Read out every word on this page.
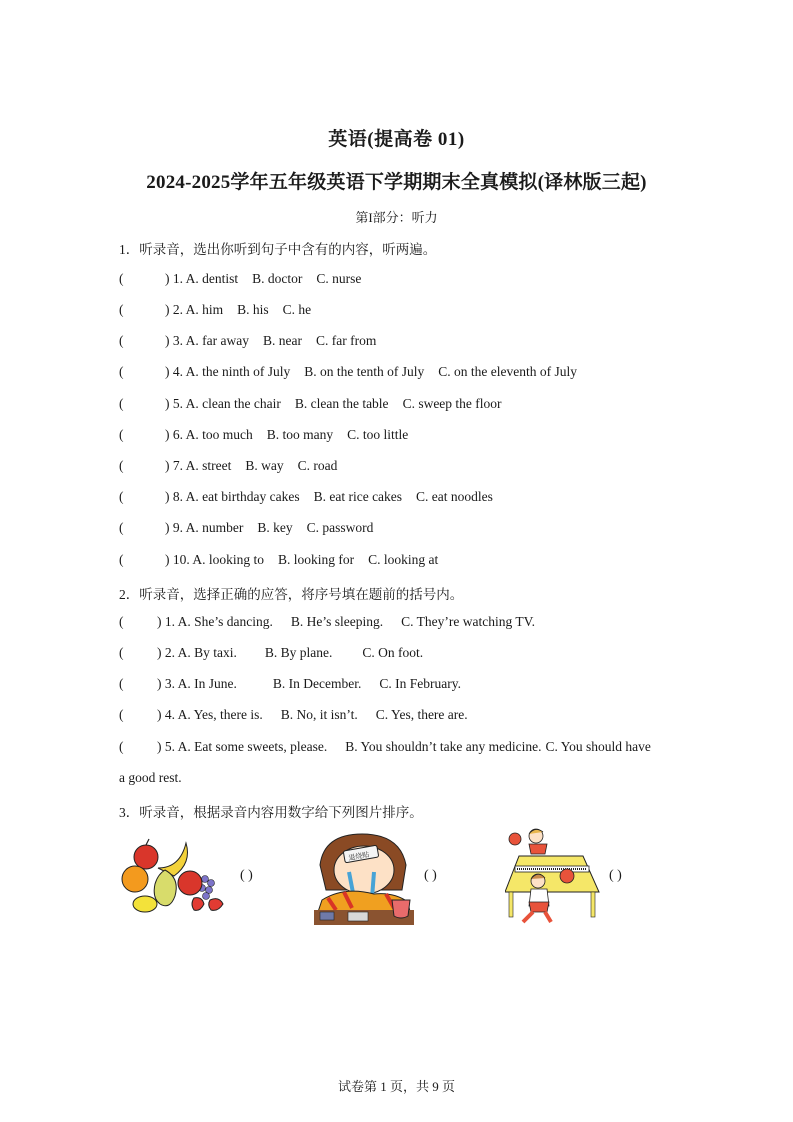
英语(提高卷 01)
2024-2025学年五年级英语下学期期末全真模拟(译林版三起)
第I部分：听力
1．听录音，选出你听到句子中含有的内容，听两遍。
(	) 1. A. dentist B. doctor C. nurse
(	) 2. A. him B. his C. he
(	) 3. A. far away B. near C. far from
(	) 4. A. the ninth of July B. on the tenth of July C. on the eleventh of July
(	) 5. A. clean the chair B. clean the table C. sweep the floor
(	) 6. A. too much B. too many C. too little
(	) 7. A. street B. way C. road
(	) 8. A. eat birthday cakes B. eat rice cakes C. eat noodles
(	) 9. A. number B. key C. password
(	) 10. A. looking to B. looking for C. looking at
2．听录音，选择正确的应答，将序号填在题前的括号内。
( ) 1. A. She’s dancing. B. He’s sleeping. C. They’re watching TV.
( ) 2. A. By taxi. B. By plane. C. On foot.
( ) 3. A. In June.	B. In December. C. In February.
( ) 4. A. Yes, there is. B. No, it isn’t. C. Yes, there are.
( ) 5. A. Eat some sweets, please. B. You shouldn’t take any medicine. C. You should have
a good rest.
3．听录音，根据录音内容用数字给下列图片排序。
( )
退烧贴
( )	( )
试卷第 1 页，共 9 页
